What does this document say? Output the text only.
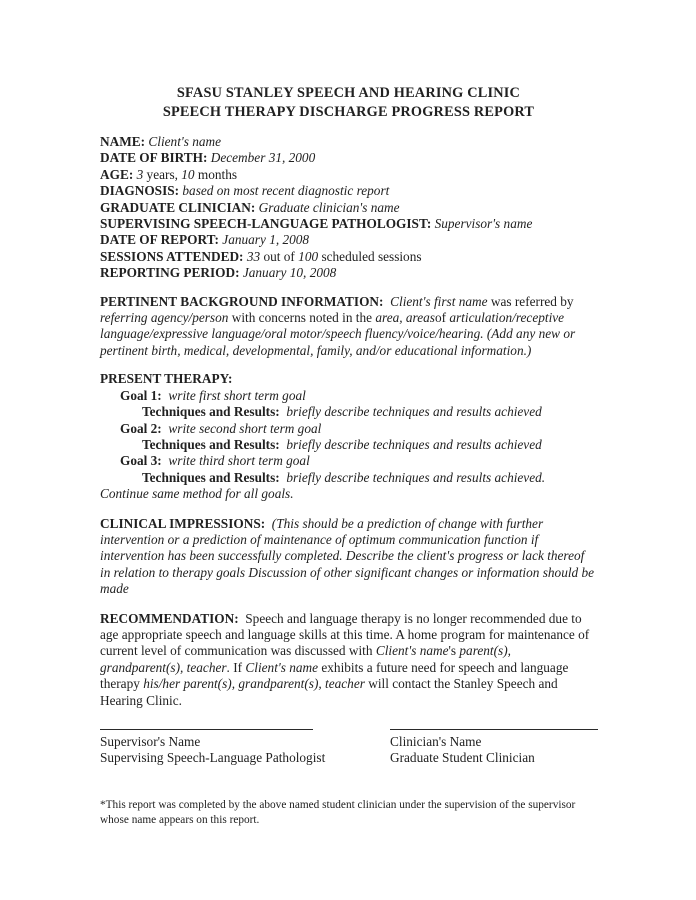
SFASU STANLEY SPEECH AND HEARING CLINIC
SPEECH THERAPY DISCHARGE PROGRESS REPORT

NAME: Client's name

DATE OF BIRTH: December 31, 2000

AGE: 3 years, 10 months

DIAGNOSIS: based on most recent diagnostic report

GRADUATE CLINICIAN: Graduate clinician's name

SUPERVISING SPEECH-LANGUAGE PATHOLOGIST: Supervisor's name

DATE OF REPORT: January 1, 2008

SESSIONS ATTENDED: 33 out of 100 scheduled sessions

REPORTING PERIOD: January 10, 2008

PERTINENT BACKGROUND INFORMATION: Client's first name was referred by referring agency/person with concerns noted in the area, areasof articulation/receptive language/expressive language/oral motor/speech fluency/voice/hearing. (Add any new or pertinent birth, medical, developmental, family, and/or educational information.)

PRESENT THERAPY:

Goal 1: write first short term goal

Techniques and Results: briefly describe techniques and results achieved

Goal 2: write second short term goal

Techniques and Results: briefly describe techniques and results achieved

Goal 3: write third short term goal

Techniques and Results: briefly describe techniques and results achieved. Continue same method for all goals.

CLINICAL IMPRESSIONS: (This should be a prediction of change with further intervention or a prediction of maintenance of optimum communication function if intervention has been successfully completed. Describe the client's progress or lack thereof in relation to therapy goals Discussion of other significant changes or information should be made

RECOMMENDATION: Speech and language therapy is no longer recommended due to age appropriate speech and language skills at this time. A home program for maintenance of current level of communication was discussed with Client's name's parent(s), grandparent(s), teacher. If Client's name exhibits a future need for speech and language therapy his/her parent(s), grandparent(s), teacher will contact the Stanley Speech and Hearing Clinic.

Supervisor's Name

Supervising Speech-Language Pathologist

Clinician's Name

Graduate Student Clinician

*This report was completed by the above named student clinician under the supervision of the supervisor whose name appears on this report.
